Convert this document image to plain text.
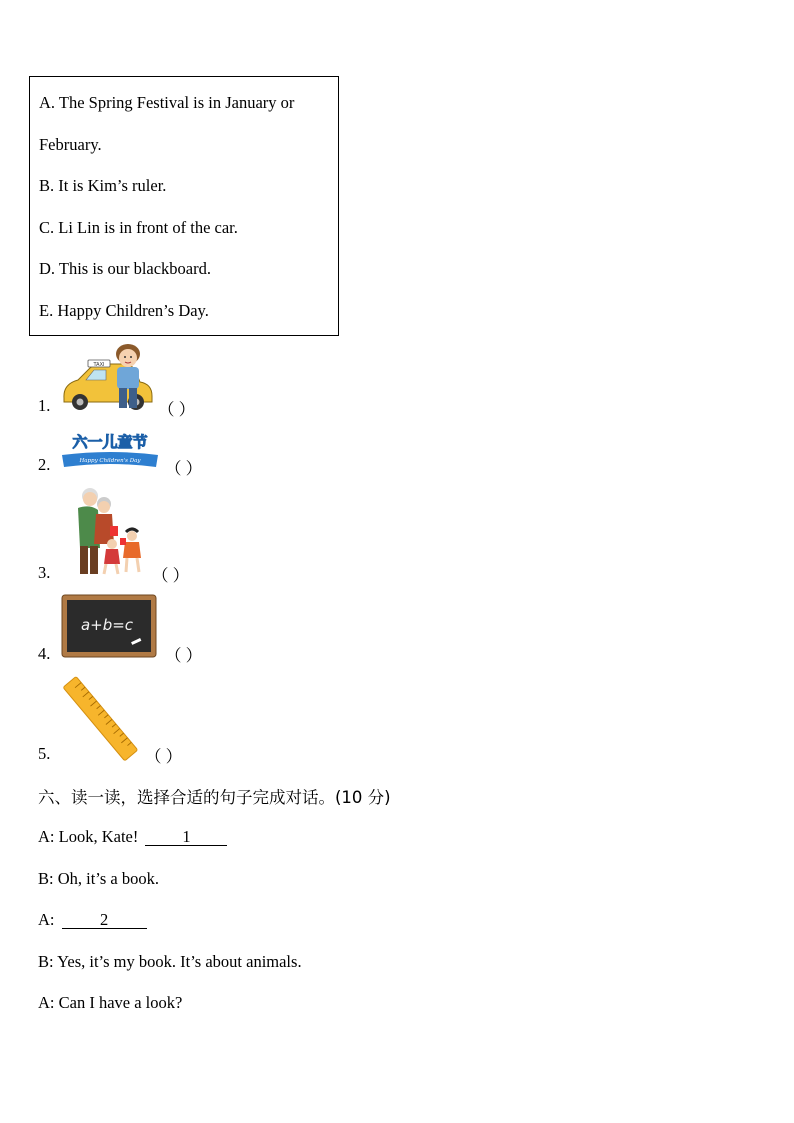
A. The Spring Festival is in January or
February.
B. It is Kim’s ruler.
C. Li Lin is in front of the car.
D. This is our blackboard.
E. Happy Children’s Day.
1.
TAXI
（ ）
2.	Happy Children's Day
六一儿童节
（ ）
3.	（ ）
4.
a+b=c
（ ）
5.	（ ）
六、读一读，选择合适的句子完成对话。(10 分)
A: Look, Kate!	1
B: Oh, it’s a book.
A:	2
B: Yes, it’s my book. It’s about animals.
A: Can I have a look?
